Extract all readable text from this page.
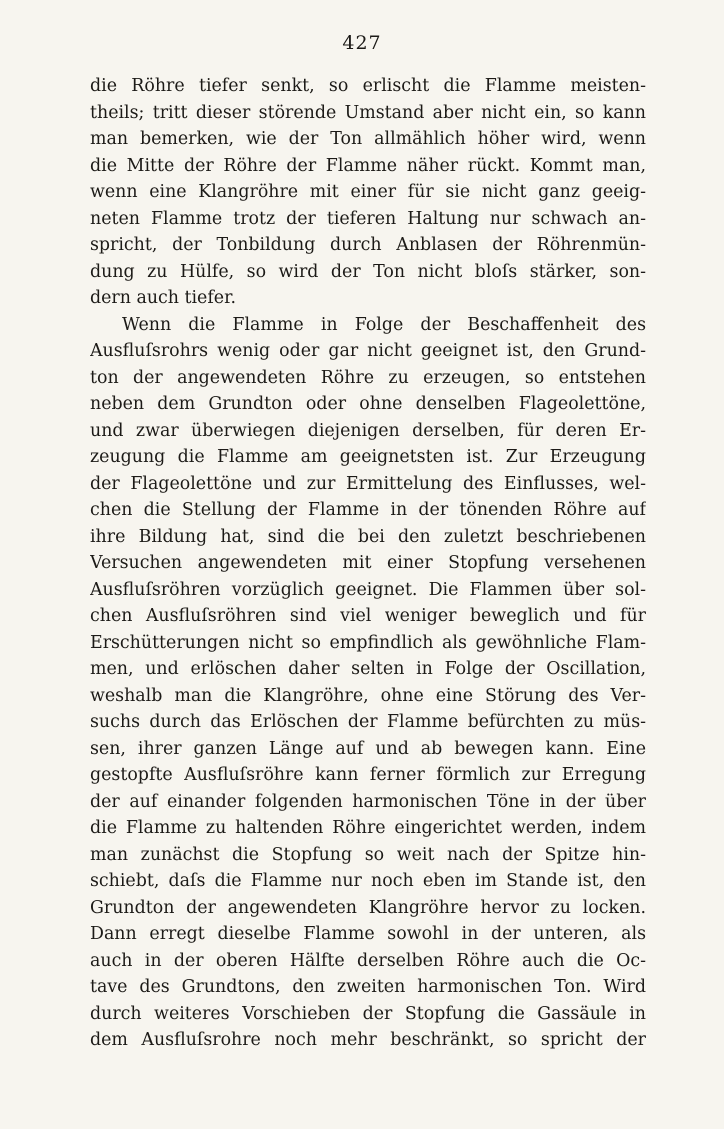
427
die Röhre tiefer senkt, so erlischt die Flamme meisten-
theils; tritt dieser störende Umstand aber nicht ein, so kann
man bemerken, wie der Ton allmählich höher wird, wenn
die Mitte der Röhre der Flamme näher rückt. Kommt man,
wenn eine Klangröhre mit einer für sie nicht ganz geeig-
neten Flamme trotz der tieferen Haltung nur schwach an-
spricht, der Tonbildung durch Anblasen der Röhrenmün-
dung zu Hülfe, so wird der Ton nicht bloſs stärker, son-
dern auch tiefer.
Wenn die Flamme in Folge der Beschaffenheit des
Ausfluſsrohrs wenig oder gar nicht geeignet ist, den Grund-
ton der angewendeten Röhre zu erzeugen, so entstehen
neben dem Grundton oder ohne denselben Flageolettöne,
und zwar überwiegen diejenigen derselben, für deren Er-
zeugung die Flamme am geeignetsten ist. Zur Erzeugung
der Flageolettöne und zur Ermittelung des Einflusses, wel-
chen die Stellung der Flamme in der tönenden Röhre auf
ihre Bildung hat, sind die bei den zuletzt beschriebenen
Versuchen angewendeten mit einer Stopfung versehenen
Ausfluſsröhren vorzüglich geeignet. Die Flammen über sol-
chen Ausfluſsröhren sind viel weniger beweglich und für
Erschütterungen nicht so empfindlich als gewöhnliche Flam-
men, und erlöschen daher selten in Folge der Oscillation,
weshalb man die Klangröhre, ohne eine Störung des Ver-
suchs durch das Erlöschen der Flamme befürchten zu müs-
sen, ihrer ganzen Länge auf und ab bewegen kann. Eine
gestopfte Ausfluſsröhre kann ferner förmlich zur Erregung
der auf einander folgenden harmonischen Töne in der über
die Flamme zu haltenden Röhre eingerichtet werden, indem
man zunächst die Stopfung so weit nach der Spitze hin-
schiebt, daſs die Flamme nur noch eben im Stande ist, den
Grundton der angewendeten Klangröhre hervor zu locken.
Dann erregt dieselbe Flamme sowohl in der unteren, als
auch in der oberen Hälfte derselben Röhre auch die Oc-
tave des Grundtons, den zweiten harmonischen Ton. Wird
durch weiteres Vorschieben der Stopfung die Gassäule in
dem Ausfluſsrohre noch mehr beschränkt, so spricht der
